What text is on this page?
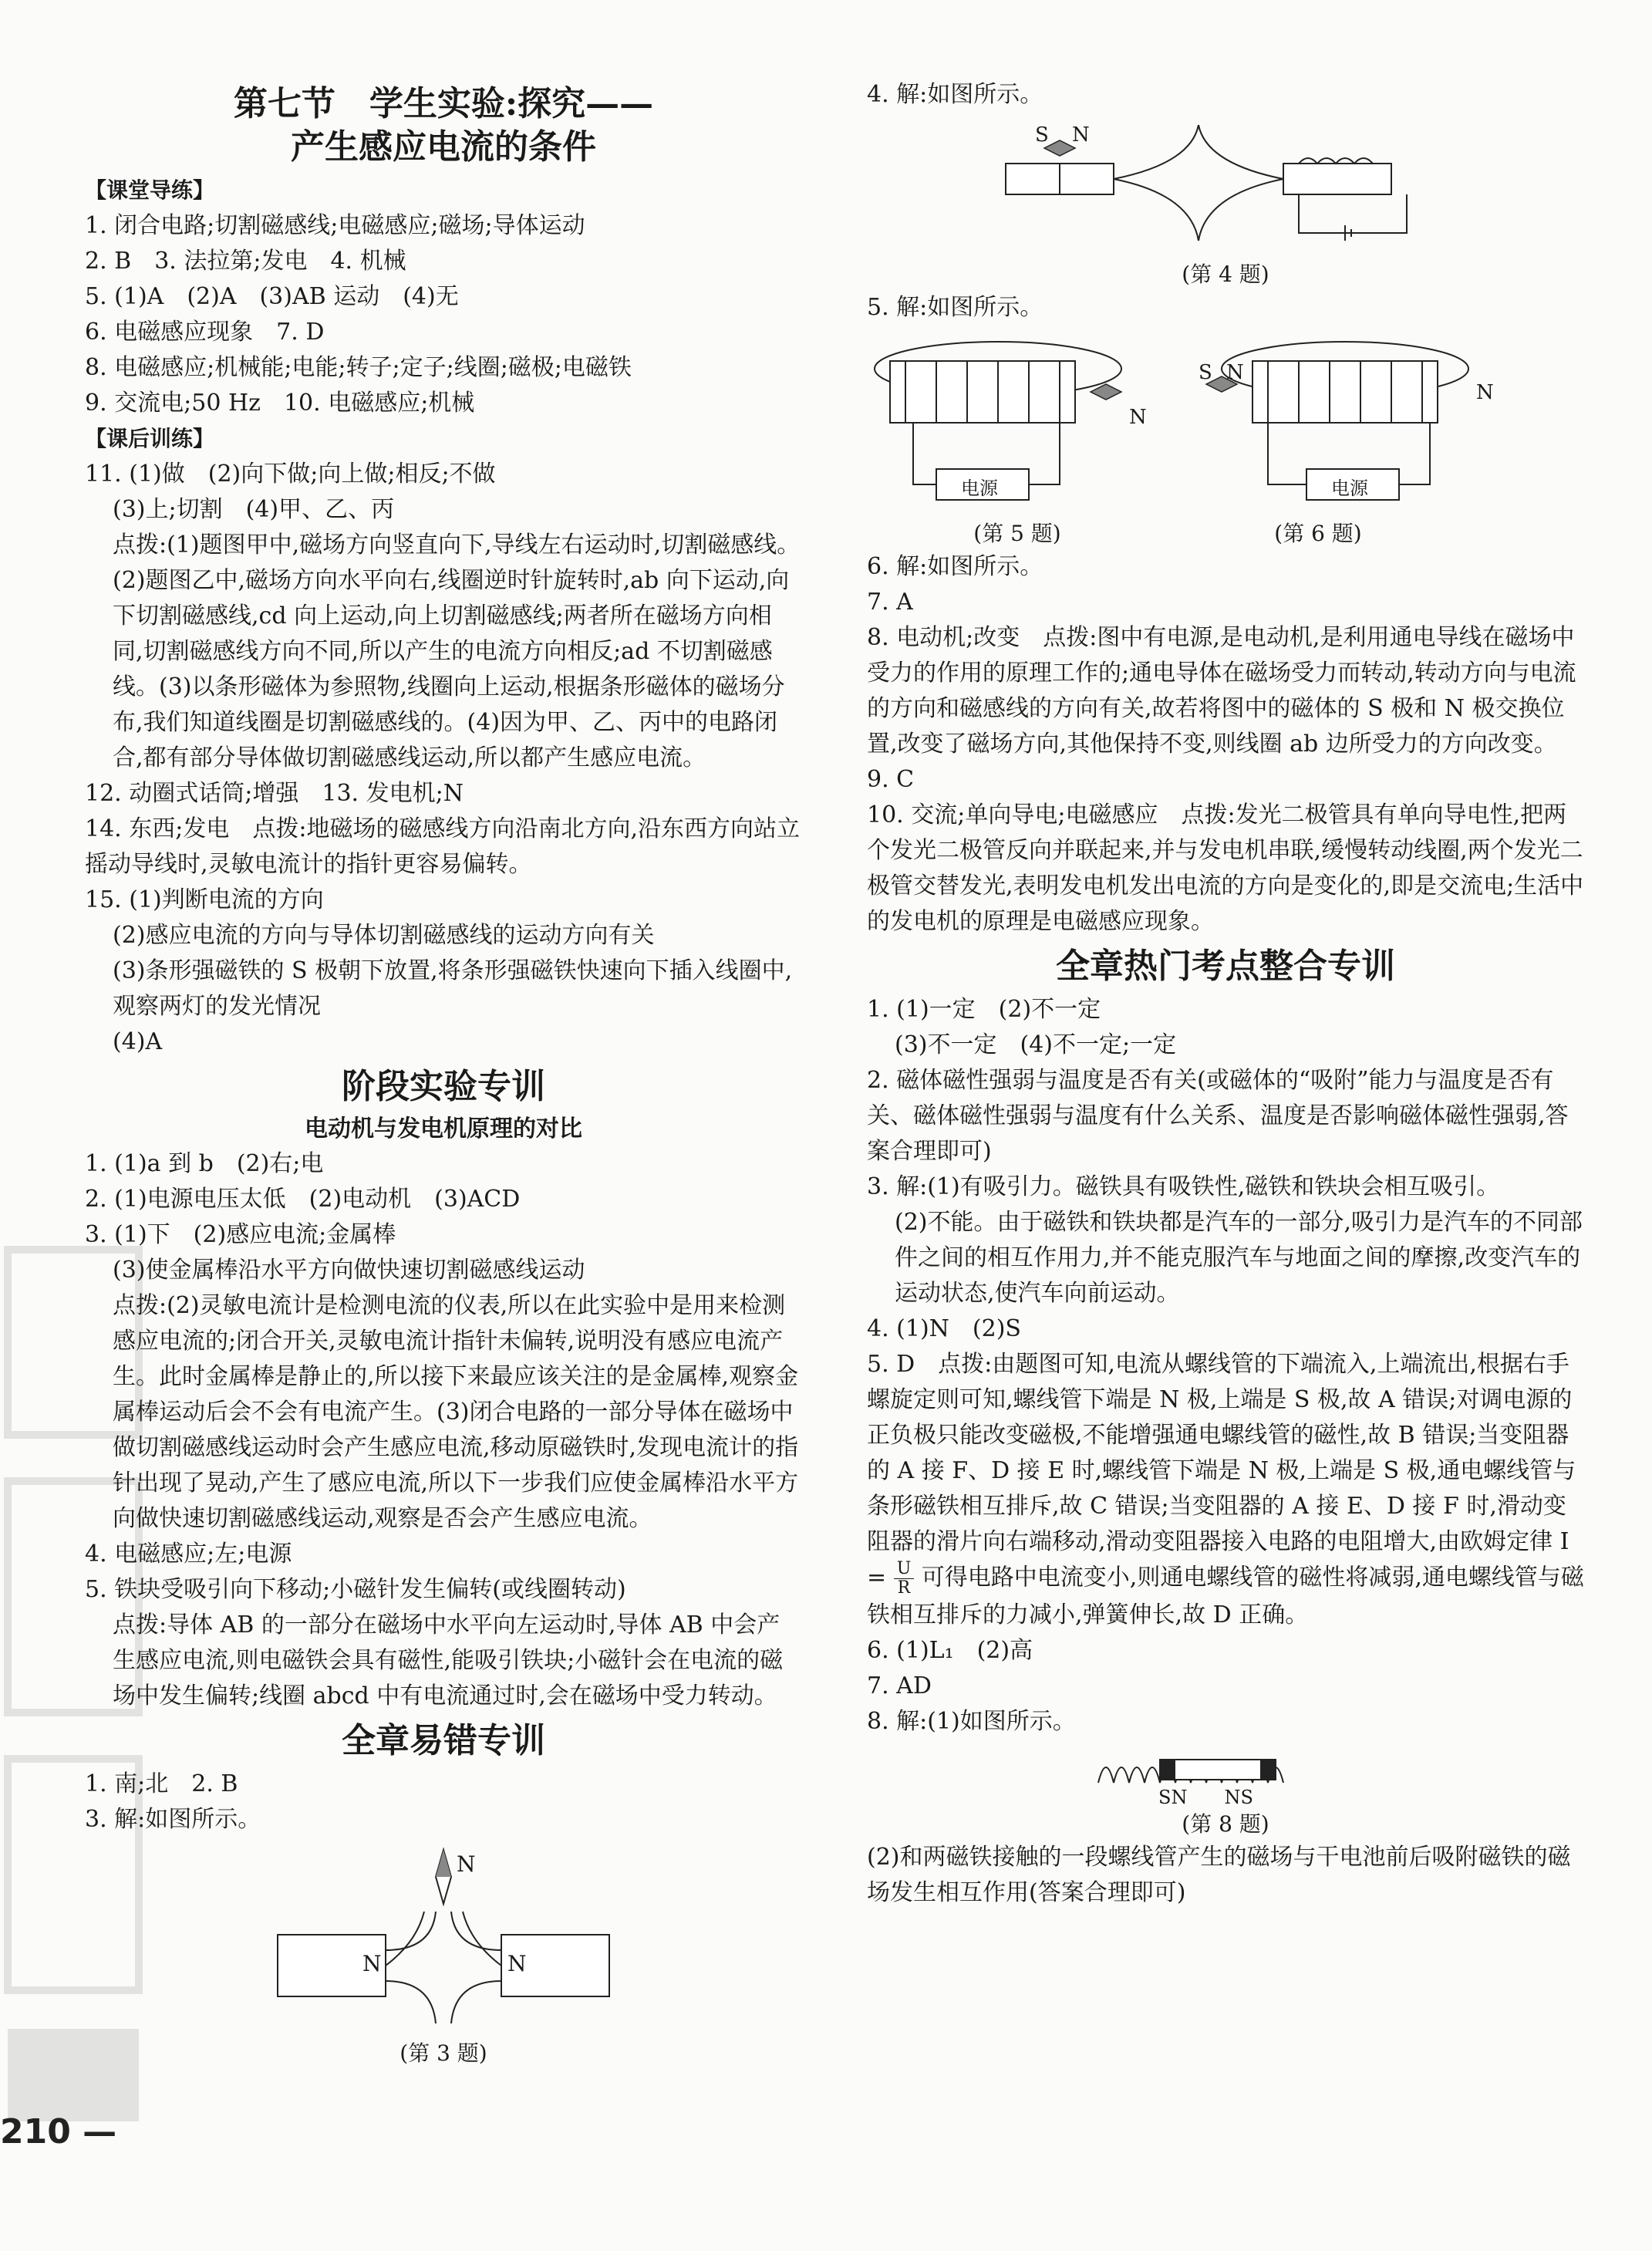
第七节　学生实验:探究——
产生感应电流的条件
【课堂导练】
1. 闭合电路;切割磁感线;电磁感应;磁场;导体运动
2. B　3. 法拉第;发电　4. 机械
5. (1)A　(2)A　(3)AB 运动　(4)无
6. 电磁感应现象　7. D
8. 电磁感应;机械能;电能;转子;定子;线圈;磁极;电磁铁
9. 交流电;50 Hz　10. 电磁感应;机械
【课后训练】
11. (1)做　(2)向下做;向上做;相反;不做
(3)上;切割　(4)甲、乙、丙
点拨:(1)题图甲中,磁场方向竖直向下,导线左右运动时,切割磁感线。(2)题图乙中,磁场方向水平向右,线圈逆时针旋转时,ab 向下运动,向下切割磁感线,cd 向上运动,向上切割磁感线;两者所在磁场方向相同,切割磁感线方向不同,所以产生的电流方向相反;ad 不切割磁感线。(3)以条形磁体为参照物,线圈向上运动,根据条形磁体的磁场分布,我们知道线圈是切割磁感线的。(4)因为甲、乙、丙中的电路闭合,都有部分导体做切割磁感线运动,所以都产生感应电流。
12. 动圈式话筒;增强　13. 发电机;N
14. 东西;发电　点拨:地磁场的磁感线方向沿南北方向,沿东西方向站立摇动导线时,灵敏电流计的指针更容易偏转。
15. (1)判断电流的方向
(2)感应电流的方向与导体切割磁感线的运动方向有关
(3)条形强磁铁的 S 极朝下放置,将条形强磁铁快速向下插入线圈中,观察两灯的发光情况
(4)A
阶段实验专训
电动机与发电机原理的对比
1. (1)a 到 b　(2)右;电
2. (1)电源电压太低　(2)电动机　(3)ACD
3. (1)下　(2)感应电流;金属棒
(3)使金属棒沿水平方向做快速切割磁感线运动
点拨:(2)灵敏电流计是检测电流的仪表,所以在此实验中是用来检测感应电流的;闭合开关,灵敏电流计指针未偏转,说明没有感应电流产生。此时金属棒是静止的,所以接下来最应该关注的是金属棒,观察金属棒运动后会不会有电流产生。(3)闭合电路的一部分导体在磁场中做切割磁感线运动时会产生感应电流,移动原磁铁时,发现电流计的指针出现了晃动,产生了感应电流,所以下一步我们应使金属棒沿水平方向做快速切割磁感线运动,观察是否会产生感应电流。
4. 电磁感应;左;电源
5. 铁块受吸引向下移动;小磁针发生偏转(或线圈转动)
点拨:导体 AB 的一部分在磁场中水平向左运动时,导体 AB 中会产生感应电流,则电磁铁会具有磁性,能吸引铁块;小磁针会在电流的磁场中发生偏转;线圈 abcd 中有电流通过时,会在磁场中受力转动。
全章易错专训
1. 南;北　2. B
3. 解:如图所示。
N
N	N
(第 3 题)
4. 解:如图所示。
S N
(第 4 题)
5. 解:如图所示。
N
电源
S N
N
电源
(第 5 题)	(第 6 题)
6. 解:如图所示。
7. A
8. 电动机;改变　点拨:图中有电源,是电动机,是利用通电导线在磁场中受力的作用的原理工作的;通电导体在磁场受力而转动,转动方向与电流的方向和磁感线的方向有关,故若将图中的磁体的 S 极和 N 极交换位置,改变了磁场方向,其他保持不变,则线圈 ab 边所受力的方向改变。
9. C
10. 交流;单向导电;电磁感应　点拨:发光二极管具有单向导电性,把两个发光二极管反向并联起来,并与发电机串联,缓慢转动线圈,两个发光二极管交替发光,表明发电机发出电流的方向是变化的,即是交流电;生活中的发电机的原理是电磁感应现象。
全章热门考点整合专训
1. (1)一定　(2)不一定
(3)不一定　(4)不一定;一定
2. 磁体磁性强弱与温度是否有关(或磁体的“吸附”能力与温度是否有关、磁体磁性强弱与温度有什么关系、温度是否影响磁体磁性强弱,答案合理即可)
3. 解:(1)有吸引力。磁铁具有吸铁性,磁铁和铁块会相互吸引。
(2)不能。由于磁铁和铁块都是汽车的一部分,吸引力是汽车的不同部件之间的相互作用力,并不能克服汽车与地面之间的摩擦,改变汽车的运动状态,使汽车向前运动。
4. (1)N　(2)S
5. D　点拨:由题图可知,电流从螺线管的下端流入,上端流出,根据右手螺旋定则可知,螺线管下端是 N 极,上端是 S 极,故 A 错误;对调电源的正负极只能改变磁极,不能增强通电螺线管的磁性,故 B 错误;当变阻器的 A 接 F、D 接 E 时,螺线管下端是 N 极,上端是 S 极,通电螺线管与条形磁铁相互排斥,故 C 错误;当变阻器的 A 接 E、D 接 F 时,滑动变阻器的滑片向右端移动,滑动变阻器接入电路的电阻增大,由欧姆定律 $I = \frac{U}{R}$ 可得电路中电流变小,则通电螺线管的磁性将减弱,通电螺线管与磁铁相互排斥的力减小,弹簧伸长,故 D 正确。
6. (1)L₁　(2)高
7. AD
8. 解:(1)如图所示。
SN　　NS
(第 8 题)
(2)和两磁铁接触的一段螺线管产生的磁场与干电池前后吸附磁铁的磁场发生相互作用(答案合理即可)
210 —
